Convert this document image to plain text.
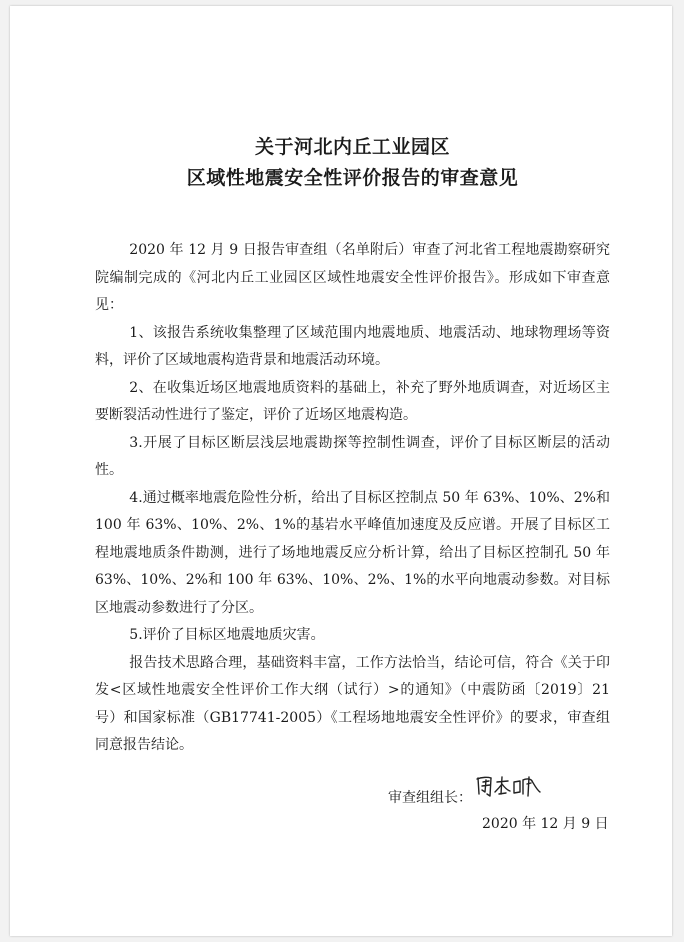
关于河北内丘工业园区
区域性地震安全性评价报告的审查意见

2020 年 12 月 9 日报告审查组（名单附后）审查了河北省工程地震勘察研究院编制完成的《河北内丘工业园区区域性地震安全性评价报告》。形成如下审查意见：

1、该报告系统收集整理了区域范围内地震地质、地震活动、地球物理场等资料，评价了区域地震构造背景和地震活动环境。

2、在收集近场区地震地质资料的基础上，补充了野外地质调查，对近场区主要断裂活动性进行了鉴定，评价了近场区地震构造。

3.开展了目标区断层浅层地震勘探等控制性调查，评价了目标区断层的活动性。

4.通过概率地震危险性分析，给出了目标区控制点 50 年 63%、10%、2%和 100 年 63%、10%、2%、1%的基岩水平峰值加速度及反应谱。开展了目标区工程地震地质条件勘测，进行了场地地震反应分析计算，给出了目标区控制孔 50 年 63%、10%、2%和 100 年 63%、10%、2%、1%的水平向地震动参数。对目标区地震动参数进行了分区。

5.评价了目标区地震地质灾害。

报告技术思路合理，基础资料丰富，工作方法恰当，结论可信，符合《关于印发<区域性地震安全性评价工作大纲（试行）>的通知》（中震防函〔2019〕21 号）和国家标准（GB17741-2005）《工程场地地震安全性评价》的要求，审查组同意报告结论。

审查组组长：
2020 年 12 月 9 日
